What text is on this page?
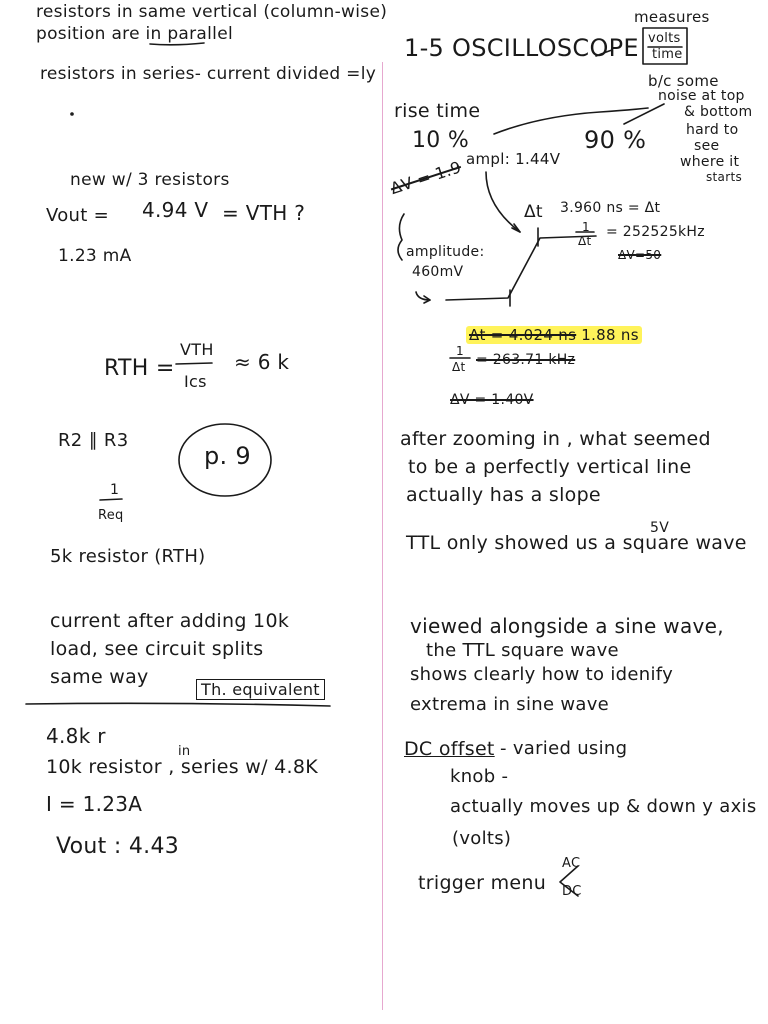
resistors in same vertical (column-wise)
position are in parallel
resistors in series- current divided =ly
new w/ 3 resistors
Vout = 4.94 V = VTH ?
1.23 mA
RTH =
VTH
Ics
≈ 6 k
R2 ∥ R3
p. 9
1
Req
5k resistor (RTH)
current after adding 10k
load, see circuit splits
same way
Th. equivalent
4.8k r
in
10k resistor , series w/ 4.8K
I = 1.23A
Vout : 4.43
1-5 OSCILLOSCOPE
measures
volts
time
b/c some
noise at top
& bottom
hard to
see
where it
starts
rise time
10 %	90 %
ampl: 1.44V
ΔV = 1.9
Δt 3.960 ns = Δt
1
Δt
= 252525kHz
ΔV=50
amplitude:
460mV
Δt = 4.024 ns 1.88 ns
1
Δt = 263.71 kHz
ΔV = 1.40V
after zooming in , what seemed
to be a perfectly vertical line
actually has a slope
5V
TTL only showed us a square wave
viewed alongside a sine wave,
the TTL square wave
shows clearly how to idenify
extrema in sine wave
DC offset - varied using
knob -
actually moves up & down y axis
(volts)
trigger menu
AC
DC
